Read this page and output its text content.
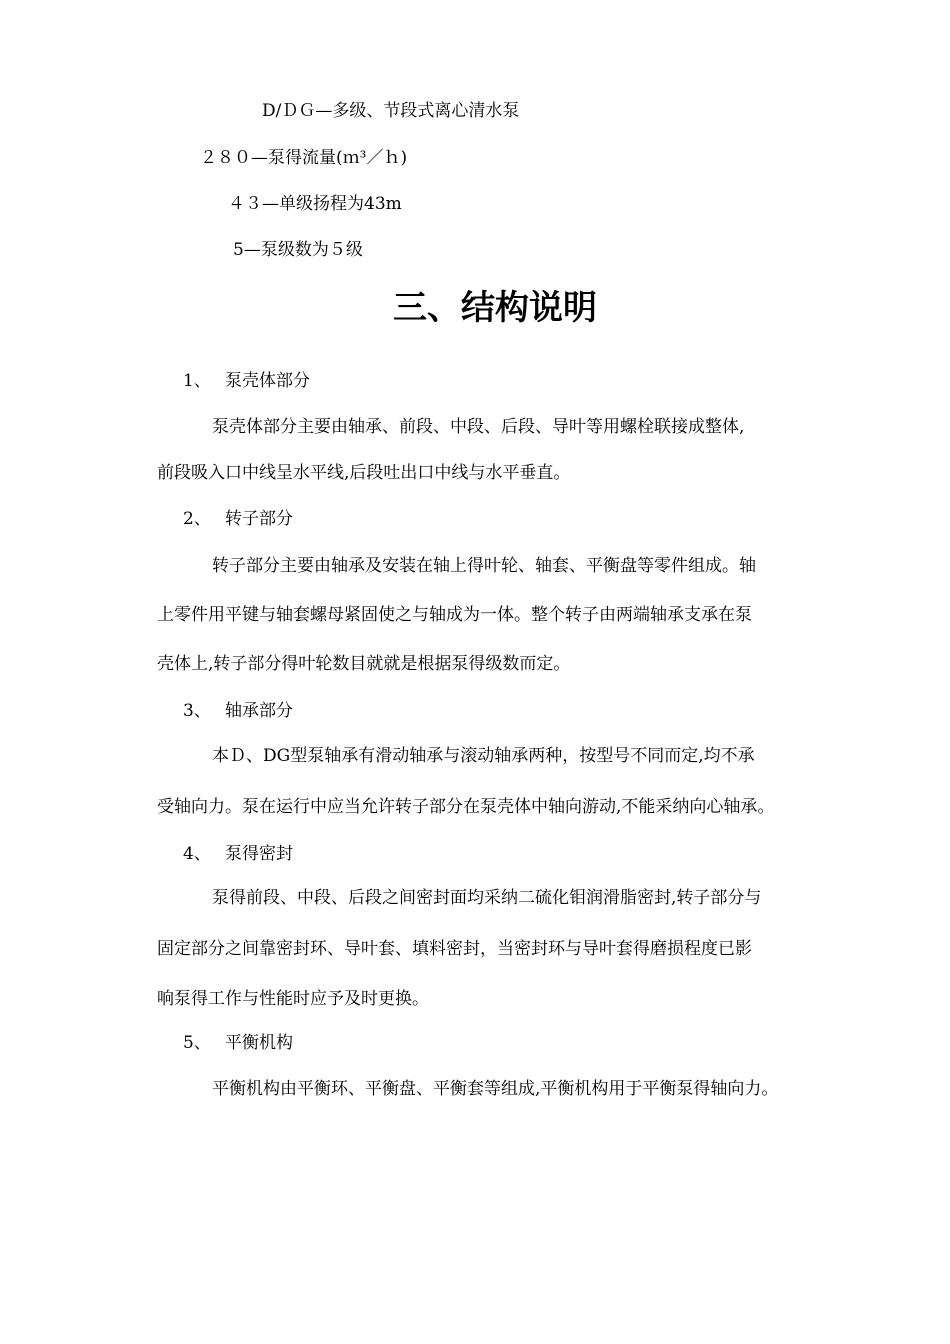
D/ＤＧ—多级、节段式离心清水泵
２８０—泵得流量(ｍ³／ｈ)
４３—单级扬程为43m
5—泵级数为５级
三、结构说明
1、 泵壳体部分
泵壳体部分主要由轴承、前段、中段、后段、导叶等用螺栓联接成整体,
前段吸入口中线呈水平线,后段吐出口中线与水平垂直。
2、 转子部分
转子部分主要由轴承及安装在轴上得叶轮、轴套、平衡盘等零件组成。轴
上零件用平键与轴套螺母紧固使之与轴成为一体。整个转子由两端轴承支承在泵
壳体上,转子部分得叶轮数目就就是根据泵得级数而定。
3、 轴承部分
本Ｄ、DG型泵轴承有滑动轴承与滚动轴承两种，按型号不同而定,均不承
受轴向力。泵在运行中应当允许转子部分在泵壳体中轴向游动,不能采纳向心轴承。
4、 泵得密封
泵得前段、中段、后段之间密封面均采纳二硫化钼润滑脂密封,转子部分与
固定部分之间靠密封环、导叶套、填料密封，当密封环与导叶套得磨损程度已影
响泵得工作与性能时应予及时更换。
5、 平衡机构
平衡机构由平衡环、平衡盘、平衡套等组成,平衡机构用于平衡泵得轴向力。
